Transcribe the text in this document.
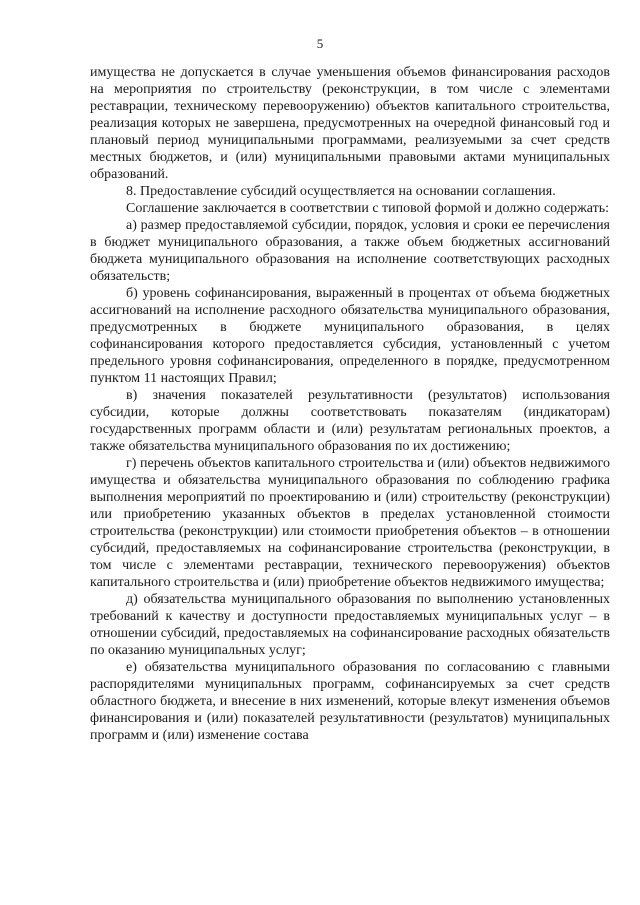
5

имущества не допускается в случае уменьшения объемов финансирования расходов на мероприятия по строительству (реконструкции, в том числе с элементами реставрации, техническому перевооружению) объектов капитального строительства, реализация которых не завершена, предусмотренных на очередной финансовый год и плановый период муниципальными программами, реализуемыми за счет средств местных бюджетов, и (или) муниципальными правовыми актами муниципальных образований.

8. Предоставление субсидий осуществляется на основании соглашения.

Соглашение заключается в соответствии с типовой формой и должно содержать:

а) размер предоставляемой субсидии, порядок, условия и сроки ее перечисления в бюджет муниципального образования, а также объем бюджетных ассигнований бюджета муниципального образования на исполнение соответствующих расходных обязательств;

б) уровень софинансирования, выраженный в процентах от объема бюджетных ассигнований на исполнение расходного обязательства муниципального образования, предусмотренных в бюджете муниципального образования, в целях софинансирования которого предоставляется субсидия, установленный с учетом предельного уровня софинансирования, определенного в порядке, предусмотренном пунктом 11 настоящих Правил;

в) значения показателей результативности (результатов) использования субсидии, которые должны соответствовать показателям (индикаторам) государственных программ области и (или) результатам региональных проектов, а также обязательства муниципального образования по их достижению;

г) перечень объектов капитального строительства и (или) объектов недвижимого имущества и обязательства муниципального образования по соблюдению графика выполнения мероприятий по проектированию и (или) строительству (реконструкции) или приобретению указанных объектов в пределах установленной стоимости строительства (реконструкции) или стоимости приобретения объектов – в отношении субсидий, предоставляемых на софинансирование строительства (реконструкции, в том числе с элементами реставрации, технического перевооружения) объектов капитального строительства и (или) приобретение объектов недвижимого имущества;

д) обязательства муниципального образования по выполнению установленных требований к качеству и доступности предоставляемых муниципальных услуг – в отношении субсидий, предоставляемых на софинансирование расходных обязательств по оказанию муниципальных услуг;

е) обязательства муниципального образования по согласованию с главными распорядителями муниципальных программ, софинансируемых за счет средств областного бюджета, и внесение в них изменений, которые влекут изменения объемов финансирования и (или) показателей результативности (результатов) муниципальных программ и (или) изменение состава
